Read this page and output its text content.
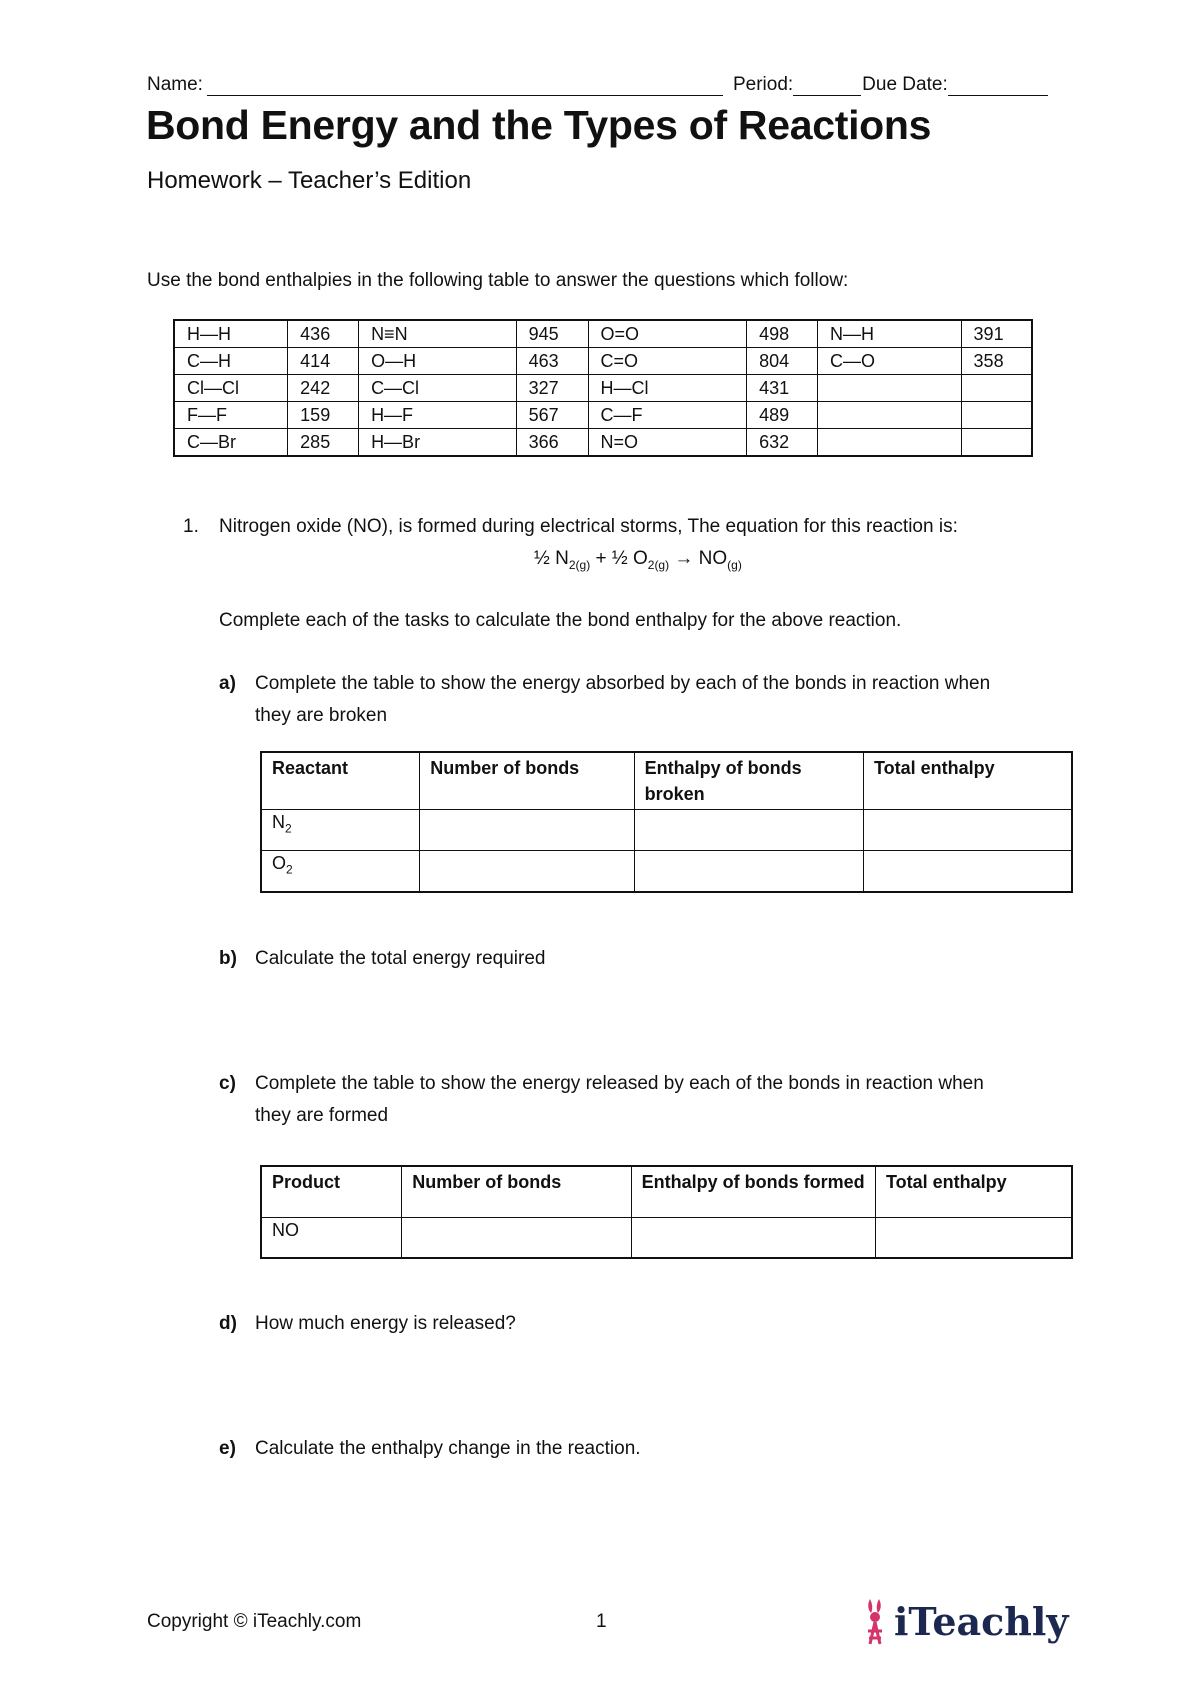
Name:	Period:	Due Date:
Bond Energy and the Types of Reactions

Homework – Teacher’s Edition

Use the bond enthalpies in the following table to answer the questions which follow:

H—H	436	N≡N	945	O=O	498	N—H	391
C—H	414	O—H	463	C=O	804	C—O	358
Cl—Cl	242	C—Cl	327	H—Cl	431		
F—F	159	H—F	567	C—F	489		
C—Br	285	H—Br	366	N=O	632		

1. Nitrogen oxide (NO), is formed during electrical storms, The equation for this reaction is:

½ $N_{2(g)}$ + ½ $O_{2(g)} \to NO_{(g)}$

Complete each of the tasks to calculate the bond enthalpy for the above reaction.

a)	Complete the table to show the energy absorbed by each of the bonds in reaction when
they are broken
Reactant	Number of bonds	Enthalpy of bonds broken	Total enthalpy
$N_2$			
$O_2$			
b) Calculate the total energy required
c)	Complete the table to show the energy released by each of the bonds in reaction when
they are formed
Product	Number of bonds	Enthalpy of bonds formed	Total enthalpy
NO			
d) How much energy is released?
e)	Calculate the enthalpy change in the reaction.
Copyright © iTeachly.com	1	iTeachly
